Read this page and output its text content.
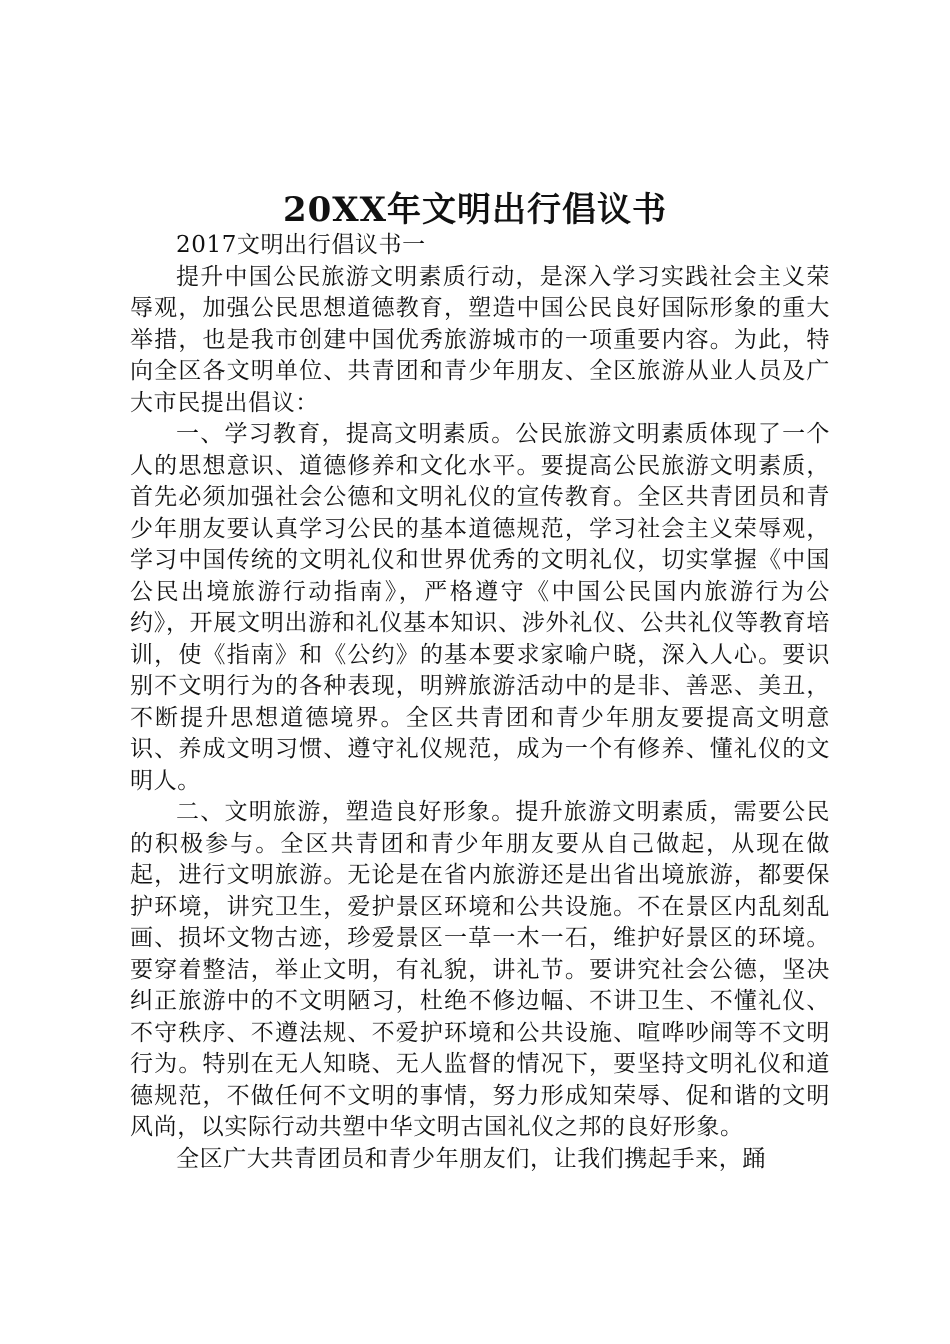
20XX年文明出行倡议书

2017文明出行倡议书一

提升中国公民旅游文明素质行动，是深入学习实践社会主义荣辱观，加强公民思想道德教育，塑造中国公民良好国际形象的重大举措，也是我市创建中国优秀旅游城市的一项重要内容。为此，特向全区各文明单位、共青团和青少年朋友、全区旅游从业人员及广大市民提出倡议：

一、学习教育，提高文明素质。公民旅游文明素质体现了一个人的思想意识、道德修养和文化水平。要提高公民旅游文明素质，首先必须加强社会公德和文明礼仪的宣传教育。全区共青团员和青少年朋友要认真学习公民的基本道德规范，学习社会主义荣辱观，学习中国传统的文明礼仪和世界优秀的文明礼仪，切实掌握《中国公民出境旅游行动指南》，严格遵守《中国公民国内旅游行为公约》，开展文明出游和礼仪基本知识、涉外礼仪、公共礼仪等教育培训，使《指南》和《公约》的基本要求家喻户晓，深入人心。要识别不文明行为的各种表现，明辨旅游活动中的是非、善恶、美丑，不断提升思想道德境界。全区共青团和青少年朋友要提高文明意识、养成文明习惯、遵守礼仪规范，成为一个有修养、懂礼仪的文明人。

二、文明旅游，塑造良好形象。提升旅游文明素质，需要公民的积极参与。全区共青团和青少年朋友要从自己做起，从现在做起，进行文明旅游。无论是在省内旅游还是出省出境旅游，都要保护环境，讲究卫生，爱护景区环境和公共设施。不在景区内乱刻乱画、损坏文物古迹，珍爱景区一草一木一石，维护好景区的环境。要穿着整洁，举止文明，有礼貌，讲礼节。要讲究社会公德，坚决纠正旅游中的不文明陋习，杜绝不修边幅、不讲卫生、不懂礼仪、不守秩序、不遵法规、不爱护环境和公共设施、喧哗吵闹等不文明行为。特别在无人知晓、无人监督的情况下，要坚持文明礼仪和道德规范，不做任何不文明的事情，努力形成知荣辱、促和谐的文明风尚，以实际行动共塑中华文明古国礼仪之邦的良好形象。

全区广大共青团员和青少年朋友们，让我们携起手来，踊
